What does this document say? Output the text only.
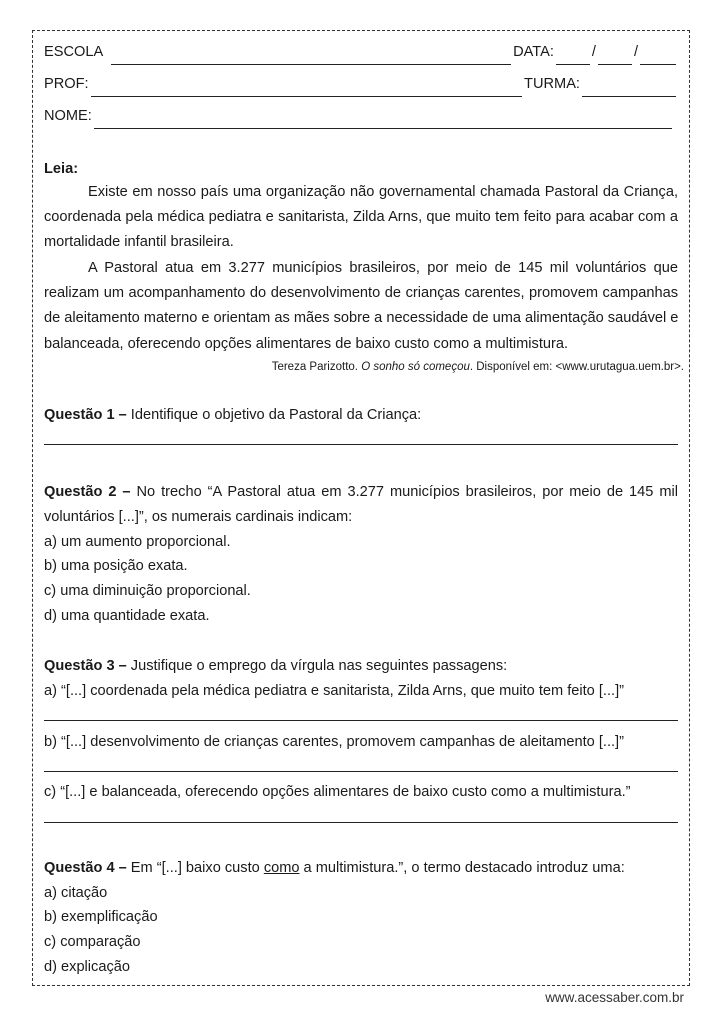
ESCOLA	DATA:	/	/
PROF:	TURMA:
NOME:
Leia:
Existe em nosso país uma organização não governamental chamada Pastoral da Criança,
coordenada pela médica pediatra e sanitarista, Zilda Arns, que muito tem feito para acabar com a
mortalidade infantil brasileira.
A Pastoral atua em 3.277 municípios brasileiros, por meio de 145 mil voluntários que
realizam um acompanhamento do desenvolvimento de crianças carentes, promovem campanhas
de aleitamento materno e orientam as mães sobre a necessidade de uma alimentação saudável e
balanceada, oferecendo opções alimentares de baixo custo como a multimistura.
Tereza Parizotto. O sonho só começou. Disponível em: <www.urutagua.uem.br>.
Questão 1 – Identifique o objetivo da Pastoral da Criança:
Questão 2 – No trecho “A Pastoral atua em 3.277 municípios brasileiros, por meio de 145 mil
voluntários [...]”, os numerais cardinais indicam:
a) um aumento proporcional.
b) uma posição exata.
c) uma diminuição proporcional.
d) uma quantidade exata.
Questão 3 – Justifique o emprego da vírgula nas seguintes passagens:
a) “[...] coordenada pela médica pediatra e sanitarista, Zilda Arns, que muito tem feito [...]”
b) “[...] desenvolvimento de crianças carentes, promovem campanhas de aleitamento [...]”
c) “[...] e balanceada, oferecendo opções alimentares de baixo custo como a multimistura.”
Questão 4 – Em “[...] baixo custo como a multimistura.”, o termo destacado introduz uma:
a) citação
b) exemplificação
c) comparação
d) explicação
www.acessaber.com.br
